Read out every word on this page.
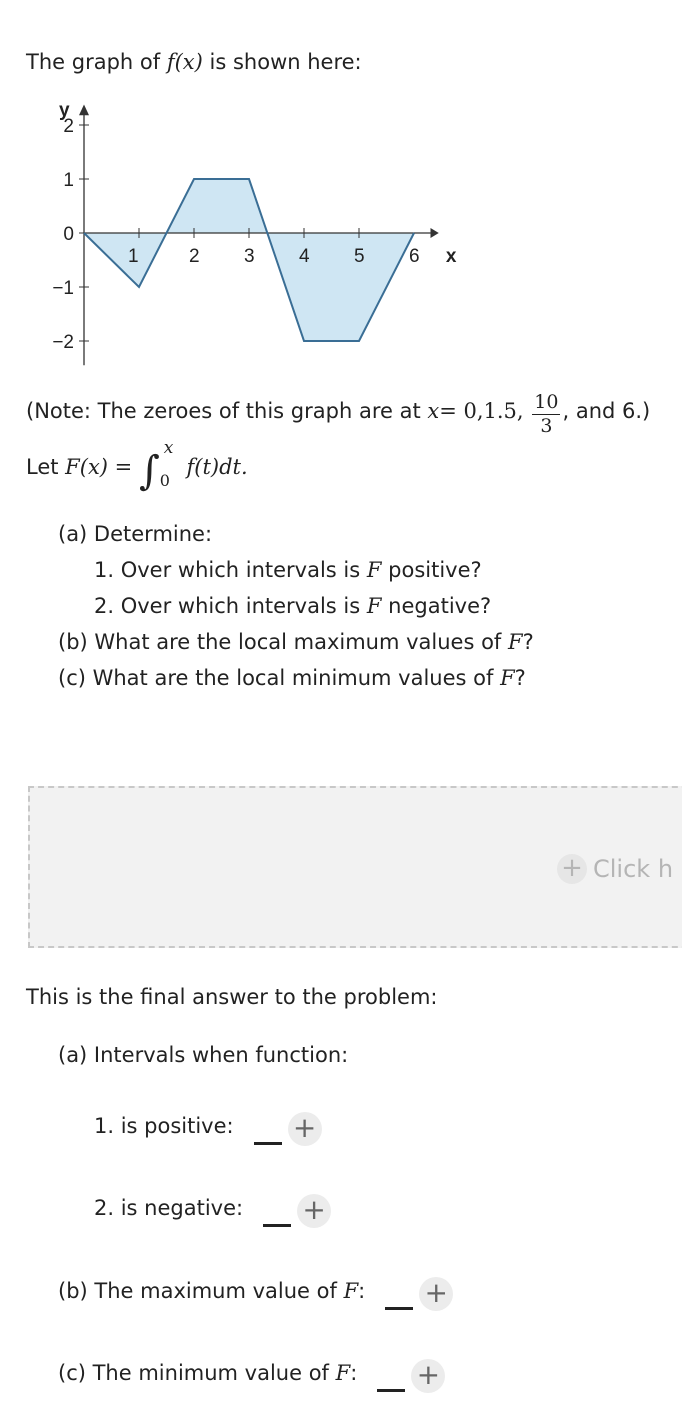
The graph of f(x) is shown here:
1	2 3 4 5 6
2
1
0
−1
−2
x
y
(Note: The zeroes of this graph are at x= 0,1.5, $\frac{10}{3}$ , and 6.)
Let F(x) = ∫ x
0
f(t)dt.
(a) Determine:
1. Over which intervals is F positive?
2. Over which intervals is F negative?
(b) What are the local maximum values of F?
(c) What are the local minimum values of F?
+ Click h
This is the final answer to the problem:
(a) Intervals when function:
1. is positive: +
2. is negative: +
(b) The maximum value of F: +
(c) The minimum value of F: +
